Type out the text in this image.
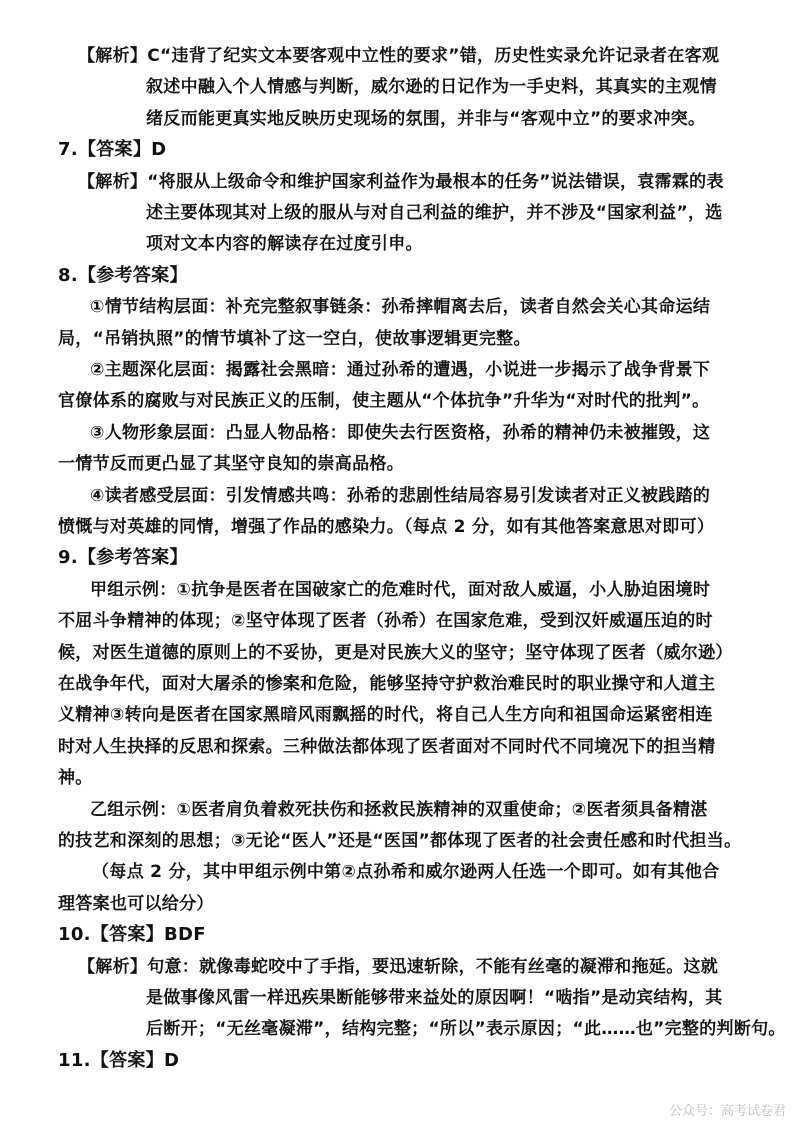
【解析】C“违背了纪实文本要客观中立性的要求”错，历史性实录允许记录者在客观
叙述中融入个人情感与判断，威尔逊的日记作为一手史料，其真实的主观情
绪反而能更真实地反映历史现场的氛围，并非与“客观中立”的要求冲突。
7.【答案】D
【解析】“将服从上级命令和维护国家利益作为最根本的任务”说法错误，袁霈霖的表
述主要体现其对上级的服从与对自己利益的维护，并不涉及“国家利益”，选
项对文本内容的解读存在过度引申。
8.【参考答案】
①情节结构层面：补充完整叙事链条：孙希摔帽离去后，读者自然会关心其命运结
局，“吊销执照”的情节填补了这一空白，使故事逻辑更完整。
②主题深化层面：揭露社会黑暗：通过孙希的遭遇，小说进一步揭示了战争背景下
官僚体系的腐败与对民族正义的压制，使主题从“个体抗争”升华为“对时代的批判”。
③人物形象层面：凸显人物品格：即使失去行医资格，孙希的精神仍未被摧毁，这
一情节反而更凸显了其坚守良知的崇高品格。
④读者感受层面：引发情感共鸣：孙希的悲剧性结局容易引发读者对正义被践踏的
愤慨与对英雄的同情，增强了作品的感染力。（每点 2 分，如有其他答案意思对即可）
9.【参考答案】
甲组示例：①抗争是医者在国破家亡的危难时代，面对敌人威逼，小人胁迫困境时
不屈斗争精神的体现；②坚守体现了医者（孙希）在国家危难，受到汉奸威逼压迫的时
候，对医生道德的原则上的不妥协，更是对民族大义的坚守；坚守体现了医者（威尔逊）
在战争年代，面对大屠杀的惨案和危险，能够坚持守护救治难民时的职业操守和人道主
义精神③转向是医者在国家黑暗风雨飘摇的时代，将自己人生方向和祖国命运紧密相连
时对人生抉择的反思和探索。三种做法都体现了医者面对不同时代不同境况下的担当精
神。
乙组示例：①医者肩负着救死扶伤和拯救民族精神的双重使命；②医者须具备精湛
的技艺和深刻的思想；③无论“医人”还是“医国”都体现了医者的社会责任感和时代担当。
（每点 2 分，其中甲组示例中第②点孙希和威尔逊两人任选一个即可。如有其他合
理答案也可以给分）
10.【答案】BDF
【解析】句意：就像毒蛇咬中了手指，要迅速斩除，不能有丝毫的凝滞和拖延。这就
是做事像风雷一样迅疾果断能够带来益处的原因啊！“啮指”是动宾结构，其
后断开；“无丝毫凝滞”，结构完整；“所以”表示原因；“此……也”完整的判断句。
11.【答案】D
公众号：高考试卷君
